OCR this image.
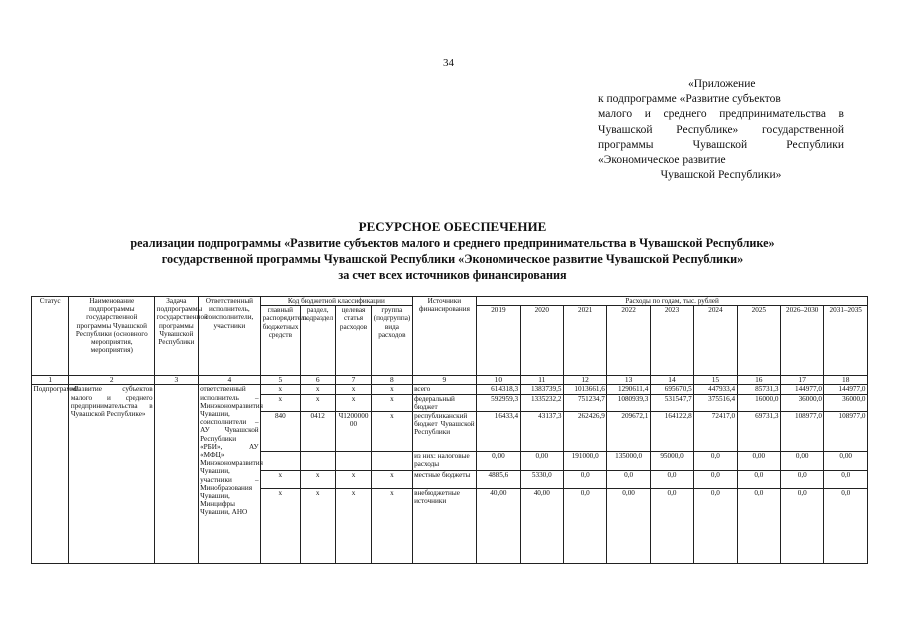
34
«Приложение
к подпрограмме «Развитие субъектов
малого и среднего предпринимательства в Чувашской Республике» государственной программы Чувашской Республики «Экономическое развитие
Чувашской Республики»
РЕСУРСНОЕ ОБЕСПЕЧЕНИЕ
реализации подпрограммы «Развитие субъектов малого и среднего предпринимательства в Чувашской Республике»
государственной программы Чувашской Республики «Экономическое развитие Чувашской Республики»
за счет всех источников финансирования
Статус	Наименование подпрограммы государственной программы Чувашской Республики (основного мероприятия, мероприятия)	Задача подпрограммы государственной программы Чувашской Республики	Ответственный исполнитель, соисполнители, участники	Код бюджетной классификации				Источники финансирования	Расходы по годам, тыс. рублей								
				главный распорядитель бюджетных средств	раздел, подраздел	целевая статья расходов	группа (подгруппа) вида расходов		2019	2020	2021	2022	2023	2024	2025	2026–2030	2031–2035
1	2	3	4	5	6	7	8	9	10	11	12	13	14	15	16	17	18
Подпрограмма	«Развитие субъектов малого и среднего предпринимательства в Чувашской Республике»		ответственный исполнитель – Минэкономразвития Чувашии, соисполнители – АУ Чувашской Республики «РБИ», АУ «МФЦ» Минэкономразвития Чувашии, участники – Минобразования Чувашии, Минцифры Чувашии, АНО	x	x	x	x	всего	614318,3	1383739,5	1013661,6	1290611,4	695670,5	447933,4	85731,3	144977,0	144977,0
				x	x	x	x	федеральный бюджет	592959,3	1335232,2	751234,7	1080939,3	531547,7	375516,4	16000,0	36000,0	36000,0
				840	0412	Ч1200000 00	x	республиканский бюджет Чувашской Республики	16433,4	43137,3	262426,9	209672,1	164122,8	72417,0	69731,3	108977,0	108977,0
								из них: налоговые расходы	0,00	0,00	191000,0	135000,0	95000,0	0,0	0,00	0,00	0,00
				x	x	x	x	местные бюджеты	4885,6	5330,0	0,0	0,0	0,0	0,0	0,0	0,0	0,0
				x	x	x	x	внебюджетные источники	40,00	40,00	0,0	0,00	0,0	0,0	0,0	0,0	0,0
